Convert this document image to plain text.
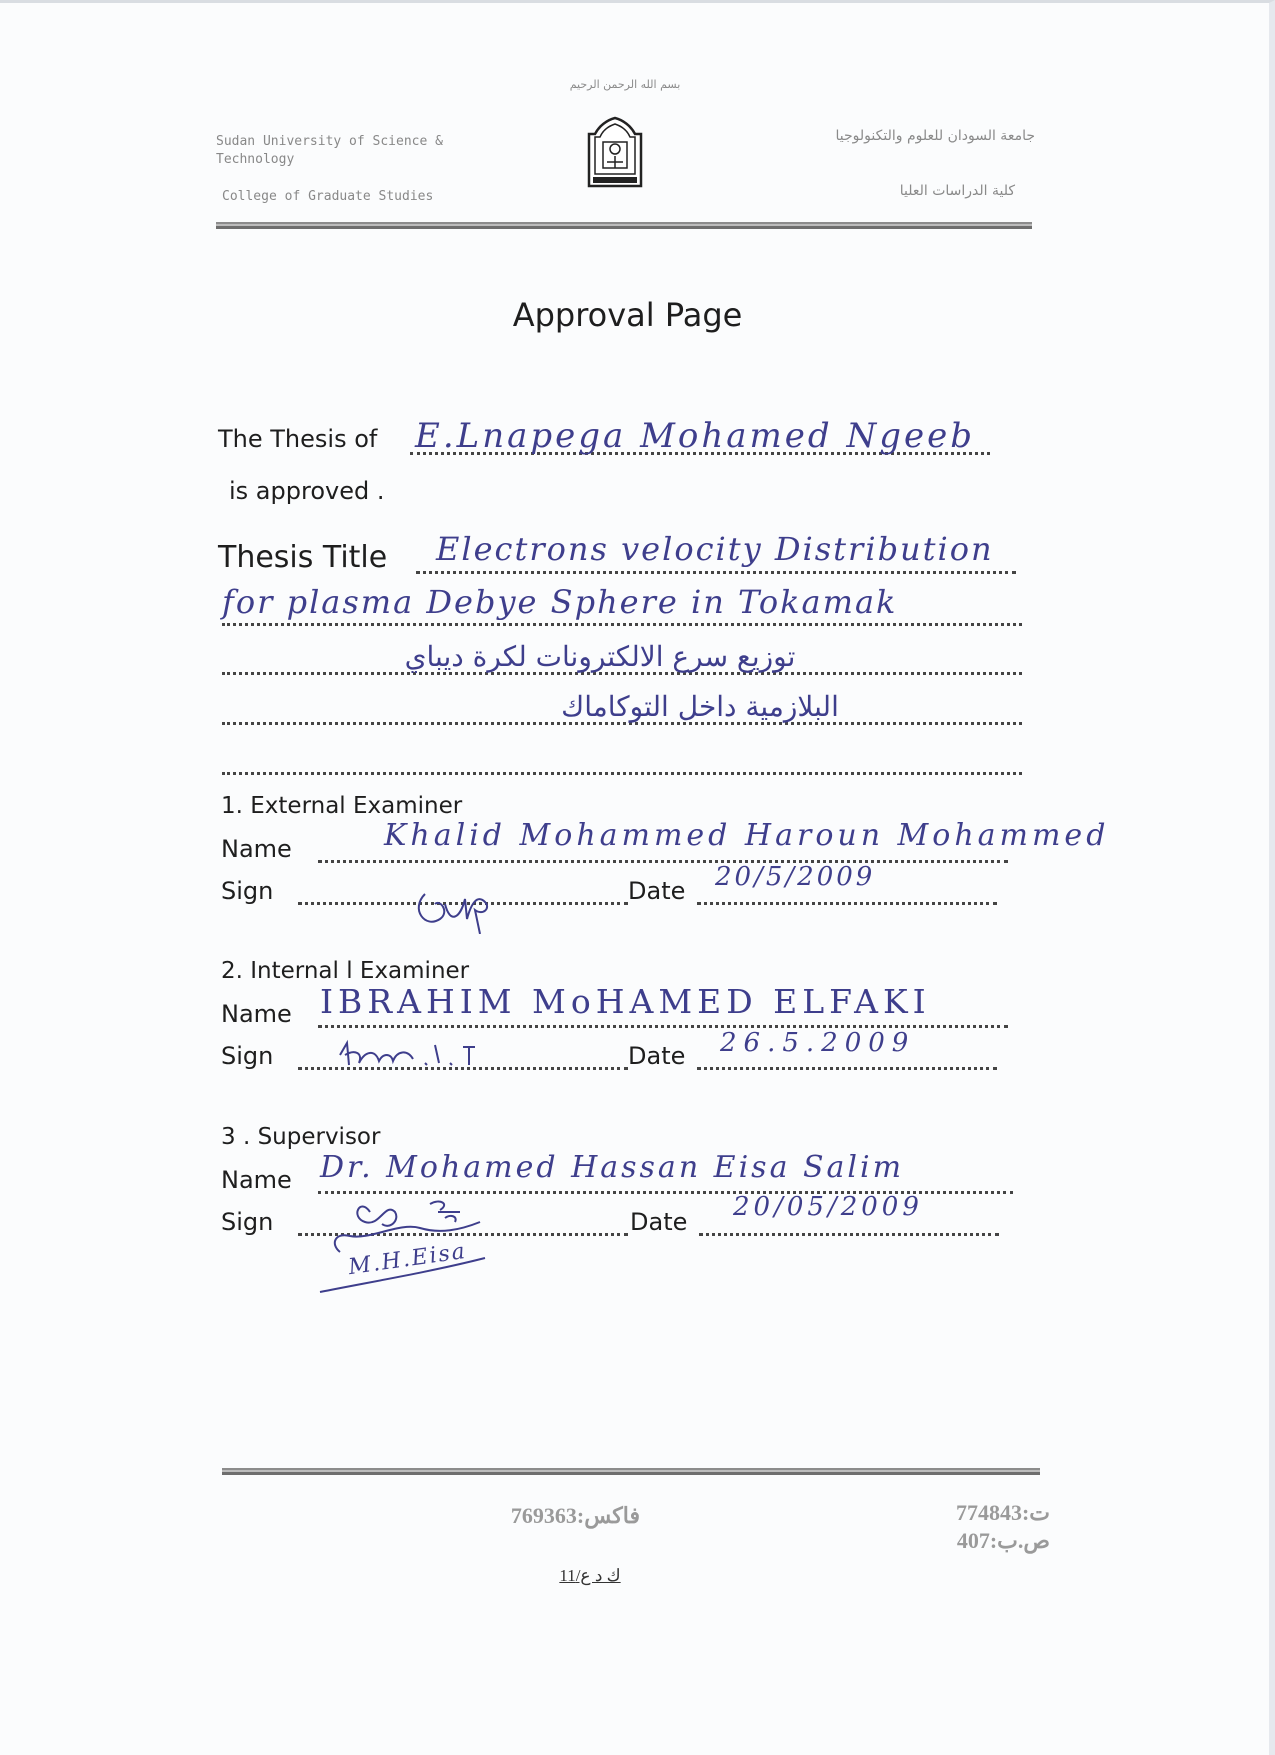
بسم الله الرحمن الرحيم
Sudan University of Science & Technology
College of Graduate Studies
جامعة السودان للعلوم والتكنولوجيا
كلية الدراسات العليا
Approval Page
The Thesis of E.Lnapega Mohamed Ngeeb
is approved .
Thesis Title Electrons velocity Distribution
for plasma Debye Sphere in Tokamak
توزيع سرع الالكترونات لكرة ديباي
البلازمية داخل التوكاماك
1. External Examiner
Name	Khalid Mohammed Haroun Mohammed
Sign	Date 20/5/2009
2. Internal l Examiner
Name IBRAHIM MoHAMED ELFAKI
Sign	Date 26.5.2009
3 . Supervisor
Name Dr. Mohamed Hassan Eisa Salim
Sign
M.H.Eisa
Date 20/05/2009
فاكس:769363	ت:774843
ص.ب:407
ك د ع/11
